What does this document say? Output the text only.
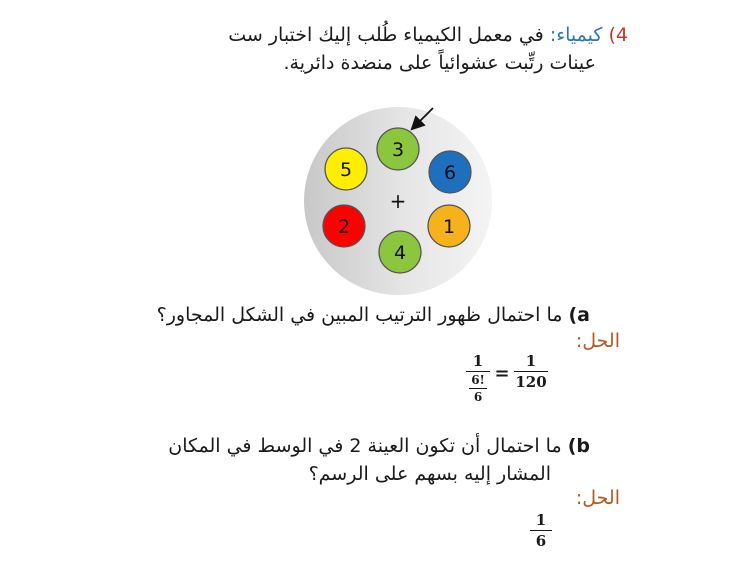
4) كيمياء: في معمل الكيمياء طُلب إليك اختبار ست
عينات رتِّبت عشوائياً على منضدة دائرية.
+
3
6
1
4
2
5
a) ما احتمال ظهور الترتيب المبين في الشكل المجاور؟
الحل:
1
6!
6
=
1
120
b) ما احتمال أن تكون العينة 2 في الوسط في المكان
المشار إليه بسهم على الرسم؟
الحل:
1
6
